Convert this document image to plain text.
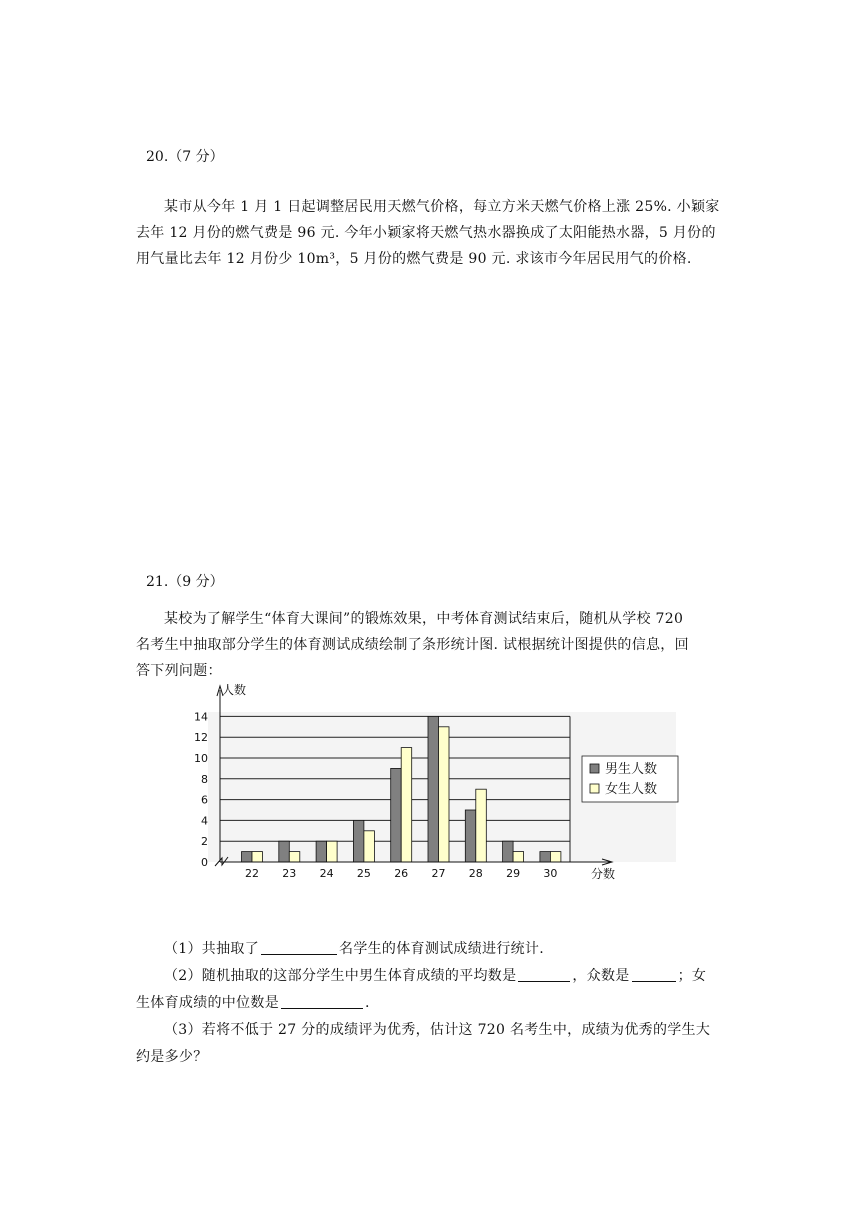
20.（7 分）
某市从今年 1 月 1 日起调整居民用天燃气价格，每立方米天燃气价格上涨 25%. 小颖家
去年 12 月份的燃气费是 96 元. 今年小颖家将天燃气热水器换成了太阳能热水器，5 月份的
用气量比去年 12 月份少 10m³，5 月份的燃气费是 90 元. 求该市今年居民用气的价格.
21.（9 分）
某校为了解学生“体育大课间”的锻炼效果，中考体育测试结束后，随机从学校 720
名考生中抽取部分学生的体育测试成绩绘制了条形统计图. 试根据统计图提供的信息，回
答下列问题：
0
2
4
6
8
10
12
14
22 23 24 25 26 27 28 29 30
人数
分数
男生人数
女生人数
（1）共抽取了	名学生的体育测试成绩进行统计.
（2）随机抽取的这部分学生中男生体育成绩的平均数是	，众数是	；女
生体育成绩的中位数是	.
（3）若将不低于 27 分的成绩评为优秀，估计这 720 名考生中，成绩为优秀的学生大
约是多少？
